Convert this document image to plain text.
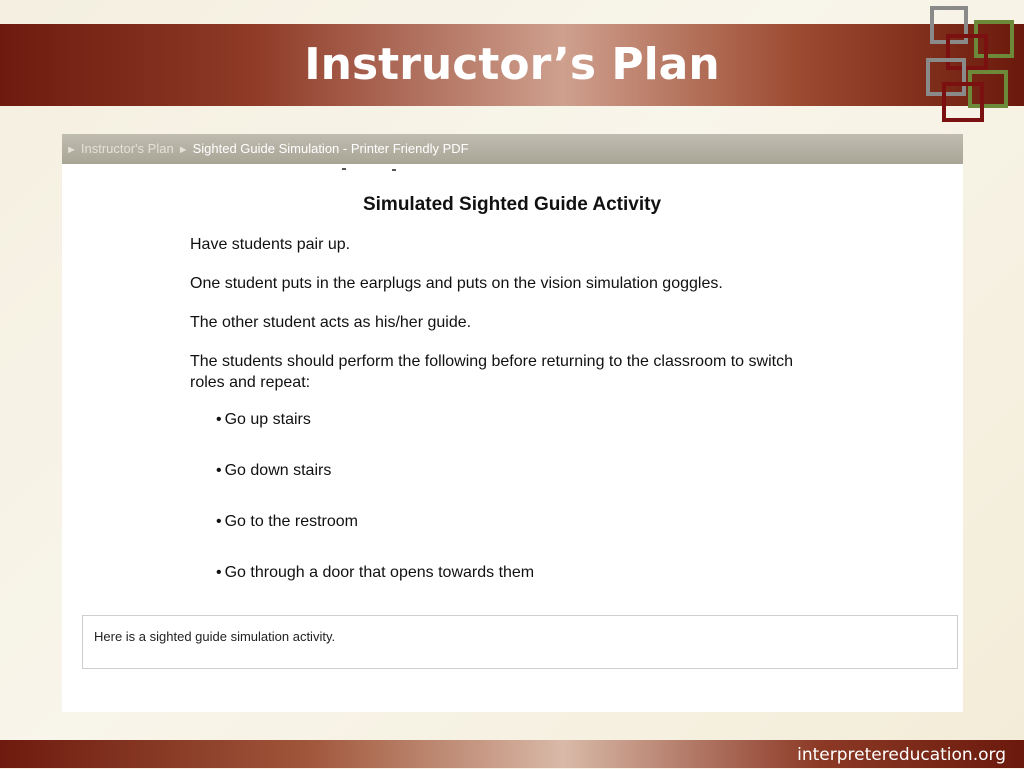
Instructor’s Plan
► Instructor's Plan ► Sighted Guide Simulation - Printer Friendly PDF
Simulated Sighted Guide Activity

Have students pair up.

One student puts in the earplugs and puts on the vision simulation goggles.

The other student acts as his/her guide.

The students should perform the following before returning to the classroom to switch roles and repeat:

• Go up stairs
• Go down stairs
• Go to the restroom
• Go through a door that opens towards them
Here is a sighted guide simulation activity.
interpretereducation.org
